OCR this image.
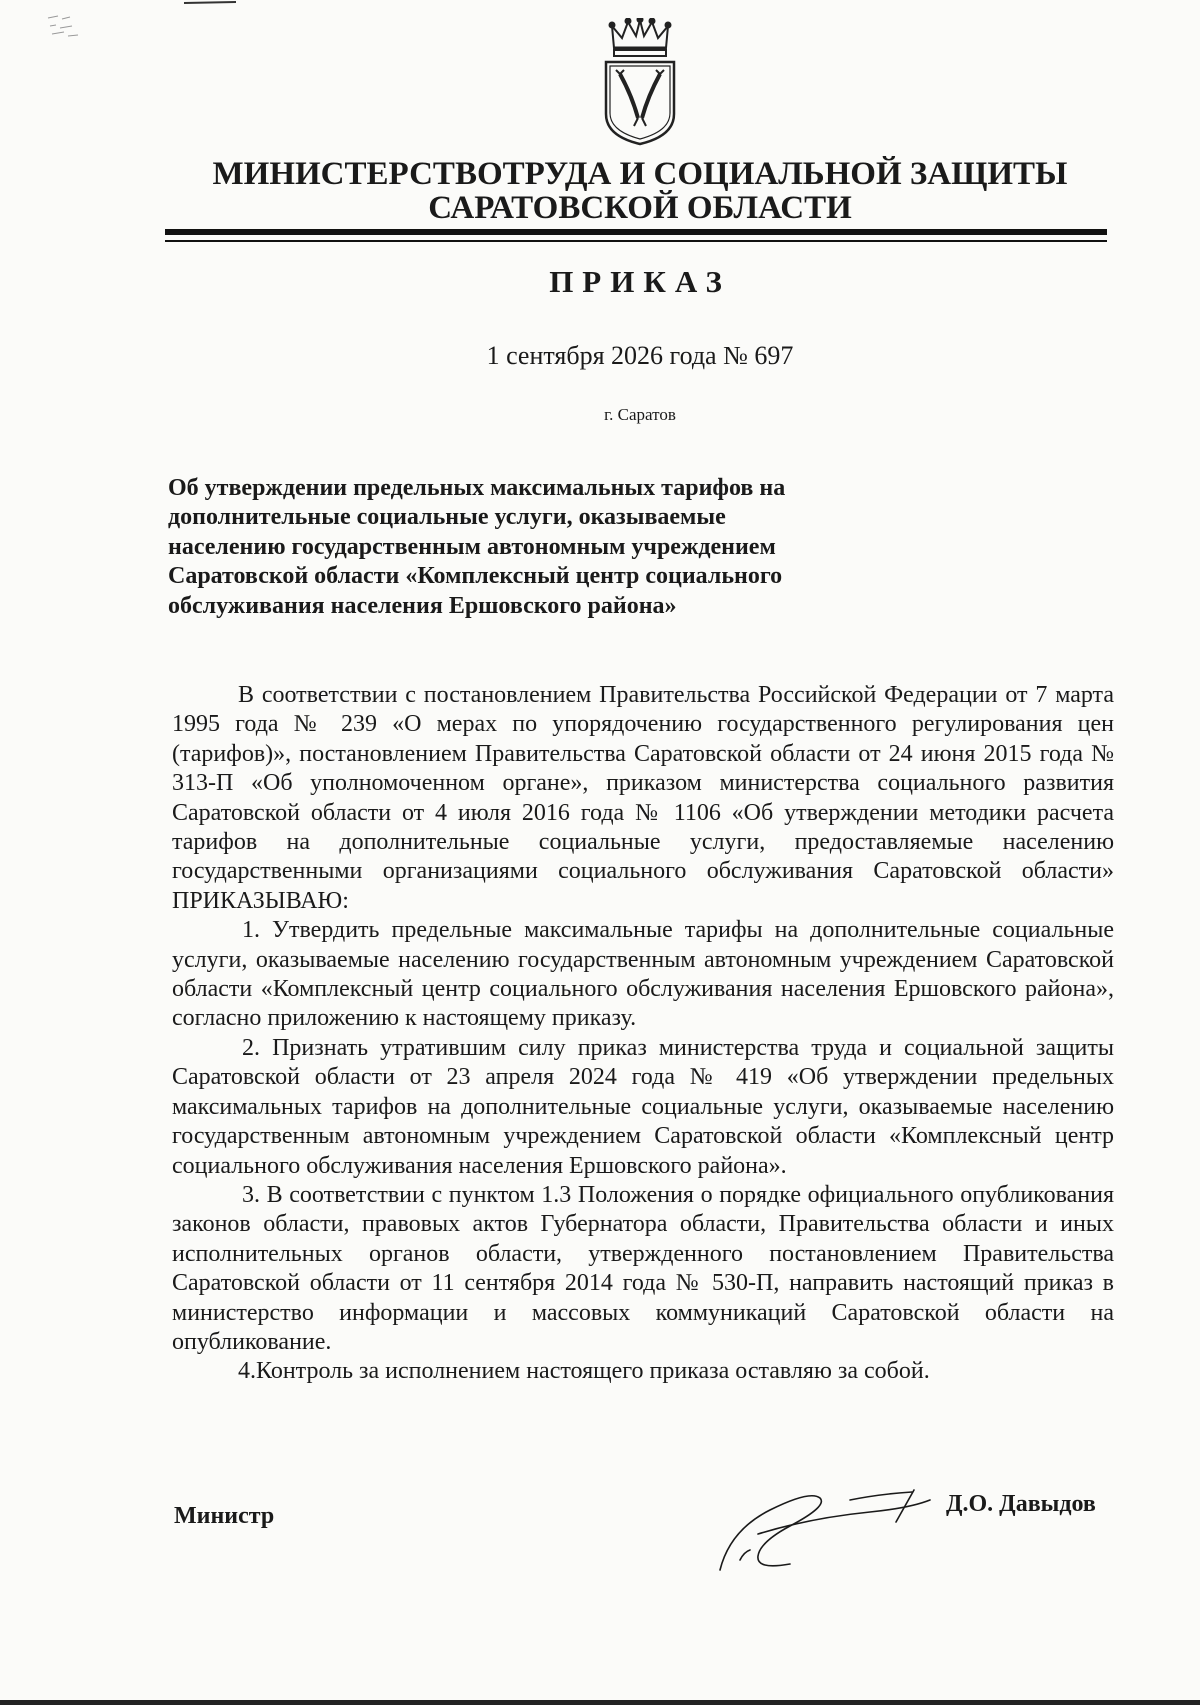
МИНИСТЕРСТВОТРУДА И СОЦИАЛЬНОЙ ЗАЩИТЫ
САРАТОВСКОЙ ОБЛАСТИ
ПРИКАЗ
1 сентября 2026 года № 697
г. Саратов
Об утверждении предельных максимальных тарифов на дополнительные социальные услуги, оказываемые населению государственным автономным учреждением Саратовской области «Комплексный центр социального обслуживания населения Ершовского района»

В соответствии с постановлением Правительства Российской Федерации от 7 марта 1995 года № 239 «О мерах по упорядочению государственного регулирования цен (тарифов)», постановлением Правительства Саратовской области от 24 июня 2015 года № 313-П «Об уполномоченном органе», приказом министерства социального развития Саратовской области от 4 июля 2016 года № 1106 «Об утверждении методики расчета тарифов на дополнительные социальные услуги, предоставляемые населению государственными организациями социального обслуживания Саратовской области» ПРИКАЗЫВАЮ:

1. Утвердить предельные максимальные тарифы на дополнительные социальные услуги, оказываемые населению государственным автономным учреждением Саратовской области «Комплексный центр социального обслуживания населения Ершовского района», согласно приложению к настоящему приказу.

2. Признать утратившим силу приказ министерства труда и социальной защиты Саратовской области от 23 апреля 2024 года № 419 «Об утверждении предельных максимальных тарифов на дополнительные социальные услуги, оказываемые населению государственным автономным учреждением Саратовской области «Комплексный центр социального обслуживания населения Ершовского района».

3. В соответствии с пунктом 1.3 Положения о порядке официального опубликования законов области, правовых актов Губернатора области, Правительства области и иных исполнительных органов области, утвержденного постановлением Правительства Саратовской области от 11 сентября 2014 года № 530-П, направить настоящий приказ в министерство информации и массовых коммуникаций Саратовской области на опубликование.

4.Контроль за исполнением настоящего приказа оставляю за собой.

Министр	Д.О. Давыдов
